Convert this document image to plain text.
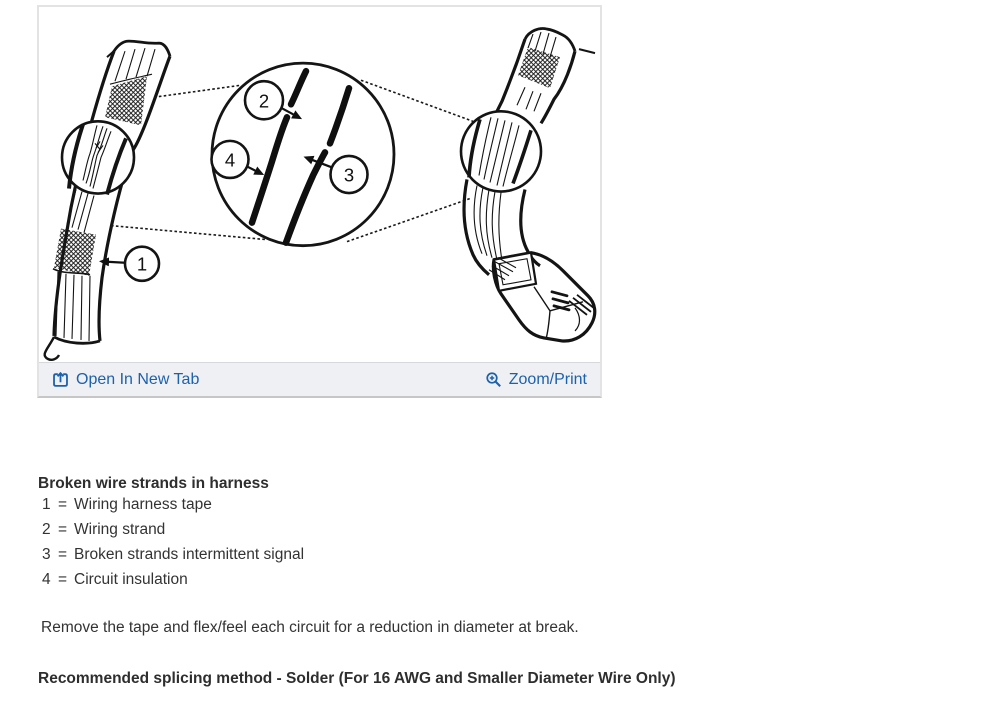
2
4
3
1
Open In New Tab	Zoom/Print
Broken wire strands in harness
1 = Wiring harness tape
2 = Wiring strand
3 = Broken strands intermittent signal
4 = Circuit insulation
Remove the tape and flex/feel each circuit for a reduction in diameter at break.
Recommended splicing method - Solder (For 16 AWG and Smaller Diameter Wire Only)
